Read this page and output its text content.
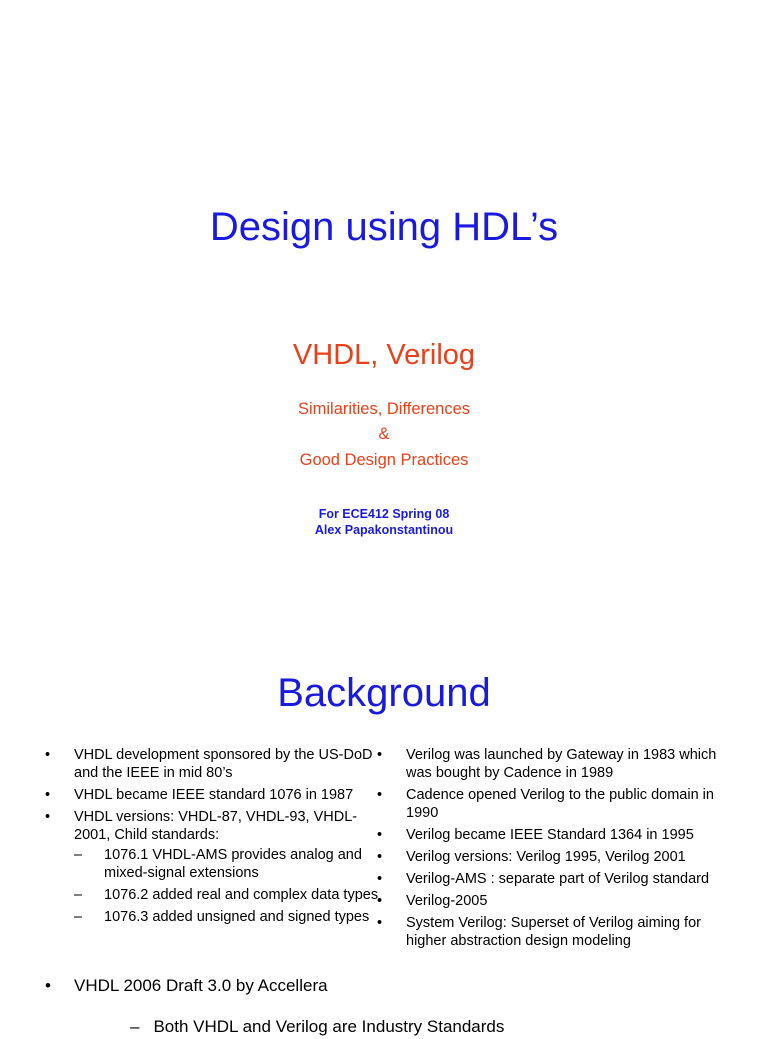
Design using HDL’s
VHDL, Verilog
Similarities, Differences
&
Good Design Practices
For ECE412 Spring 08
Alex Papakonstantinou
Background
• VHDL development sponsored by the US-DoD and the IEEE in mid 80’s
• VHDL became IEEE standard 1076 in 1987
• VHDL versions: VHDL-87, VHDL-93, VHDL-2001, Child standards:
– 1076.1 VHDL-AMS provides analog and mixed-signal extensions
– 1076.2 added real and complex data types
– 1076.3 added unsigned and signed types
• Verilog was launched by Gateway in 1983 which was bought by Cadence in 1989
• Cadence opened Verilog to the public domain in 1990
• Verilog became IEEE Standard 1364 in 1995
• Verilog versions: Verilog 1995, Verilog 2001
• Verilog-AMS : separate part of Verilog standard
• Verilog-2005
• System Verilog: Superset of Verilog aiming for higher abstraction design modeling
• VHDL 2006 Draft 3.0 by Accellera
– Both VHDL and Verilog are Industry Standards
